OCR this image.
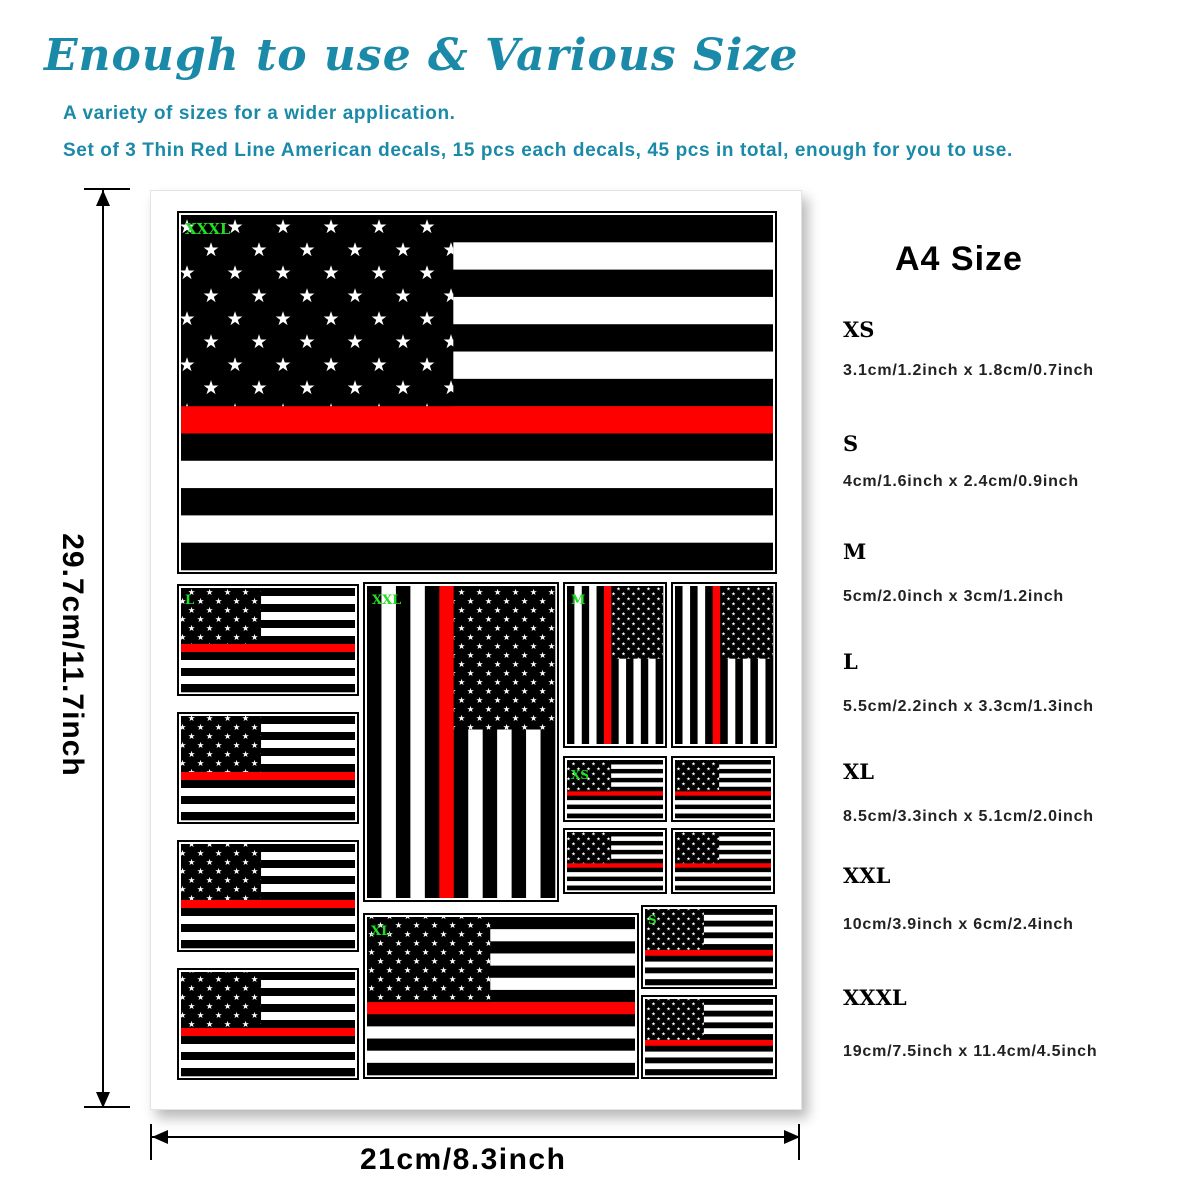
Enough to use & Various Size

A variety of sizes for a wider application.

Set of 3 Thin Red Line American decals, 15 pcs each decals, 45 pcs in total, enough for you to use.

29.7cm/11.7inch
21cm/8.3inch
XXXL
L	XXL	M
XS
XL
S
A4 Size
XS
3.1cm/1.2inch x 1.8cm/0.7inch
S
4cm/1.6inch x 2.4cm/0.9inch
M
5cm/2.0inch x 3cm/1.2inch
L
5.5cm/2.2inch x 3.3cm/1.3inch
XL
8.5cm/3.3inch x 5.1cm/2.0inch
XXL
10cm/3.9inch x 6cm/2.4inch
XXXL
19cm/7.5inch x 11.4cm/4.5inch
